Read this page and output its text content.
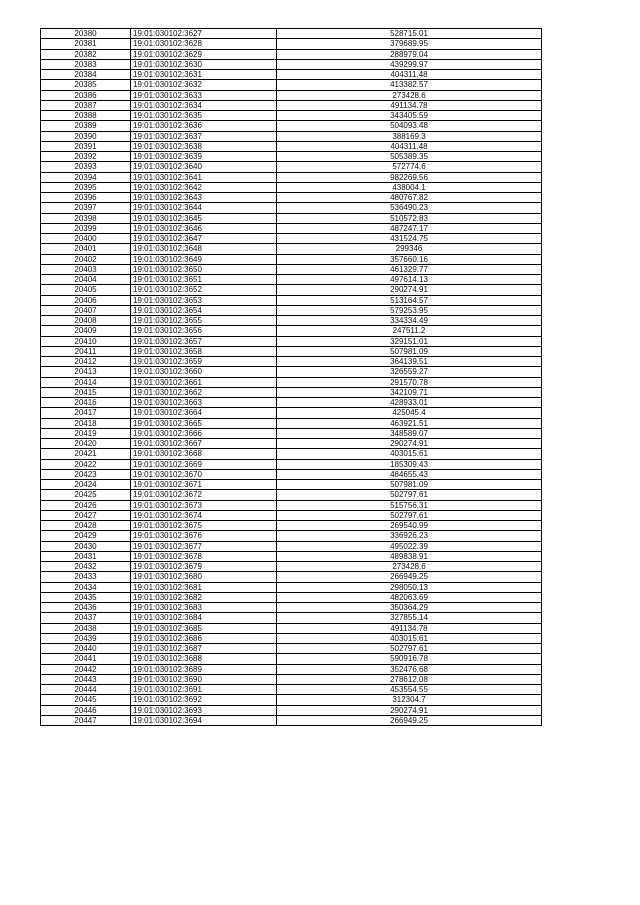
20380	19:01:030102:3627	528715.01
20381	19:01:030102:3628	379689.95
20382	19:01:030102:3629	288979.04
20383	19:01:030102:3630	439299.97
20384	19:01:030102:3631	404311.48
20385	19:01:030102:3632	413382.57
20386	19:01:030102:3633	273428.6
20387	19:01:030102:3634	491134.78
20388	19:01:030102:3635	343405.59
20389	19:01:030102:3636	504093.48
20390	19:01:030102:3637	388169.3
20391	19:01:030102:3638	404311.48
20392	19:01:030102:3639	505389.35
20393	19:01:030102:3640	572774.6
20394	19:01:030102:3641	982269.56
20395	19:01:030102:3642	438004.1
20396	19:01:030102:3643	480767.82
20397	19:01:030102:3644	536490.23
20398	19:01:030102:3645	510572.83
20399	19:01:030102:3646	487247.17
20400	19:01:030102:3647	431524.75
20401	19:01:030102:3648	299346
20402	19:01:030102:3649	357660.16
20403	19:01:030102:3650	461329.77
20404	19:01:030102:3651	497614.13
20405	19:01:030102:3652	290274.91
20406	19:01:030102:3653	513164.57
20407	19:01:030102:3654	579253.95
20408	19:01:030102:3655	334334.49
20409	19:01:030102:3656	247511.2
20410	19:01:030102:3657	329151.01
20411	19:01:030102:3658	507981.09
20412	19:01:030102:3659	364139.51
20413	19:01:030102:3660	326559.27
20414	19:01:030102:3661	291570.78
20415	19:01:030102:3662	342109.71
20416	19:01:030102:3663	428933.01
20417	19:01:030102:3664	425045.4
20418	19:01:030102:3665	463921.51
20419	19:01:030102:3666	348589.07
20420	19:01:030102:3667	290274.91
20421	19:01:030102:3668	403015.61
20422	19:01:030102:3669	185309.43
20423	19:01:030102:3670	484655.43
20424	19:01:030102:3671	507981.09
20425	19:01:030102:3672	502797.61
20426	19:01:030102:3673	515756.31
20427	19:01:030102:3674	502797.61
20428	19:01:030102:3675	269540.99
20429	19:01:030102:3676	336926.23
20430	19:01:030102:3677	495022.39
20431	19:01:030102:3678	489838.91
20432	19:01:030102:3679	273428.6
20433	19:01:030102:3680	266949.25
20434	19:01:030102:3681	298050.13
20435	19:01:030102:3682	482063.69
20436	19:01:030102:3683	350364.29
20437	19:01:030102:3684	327855.14
20438	19:01:030102:3685	491134.78
20439	19:01:030102:3686	403015.61
20440	19:01:030102:3687	502797.61
20441	19:01:030102:3688	590916.78
20442	19:01:030102:3689	352476.68
20443	19:01:030102:3690	278612.08
20444	19:01:030102:3691	453554.55
20445	19:01:030102:3692	312304.7
20446	19:01:030102:3693	290274.91
20447	19:01:030102:3694	266949.25
